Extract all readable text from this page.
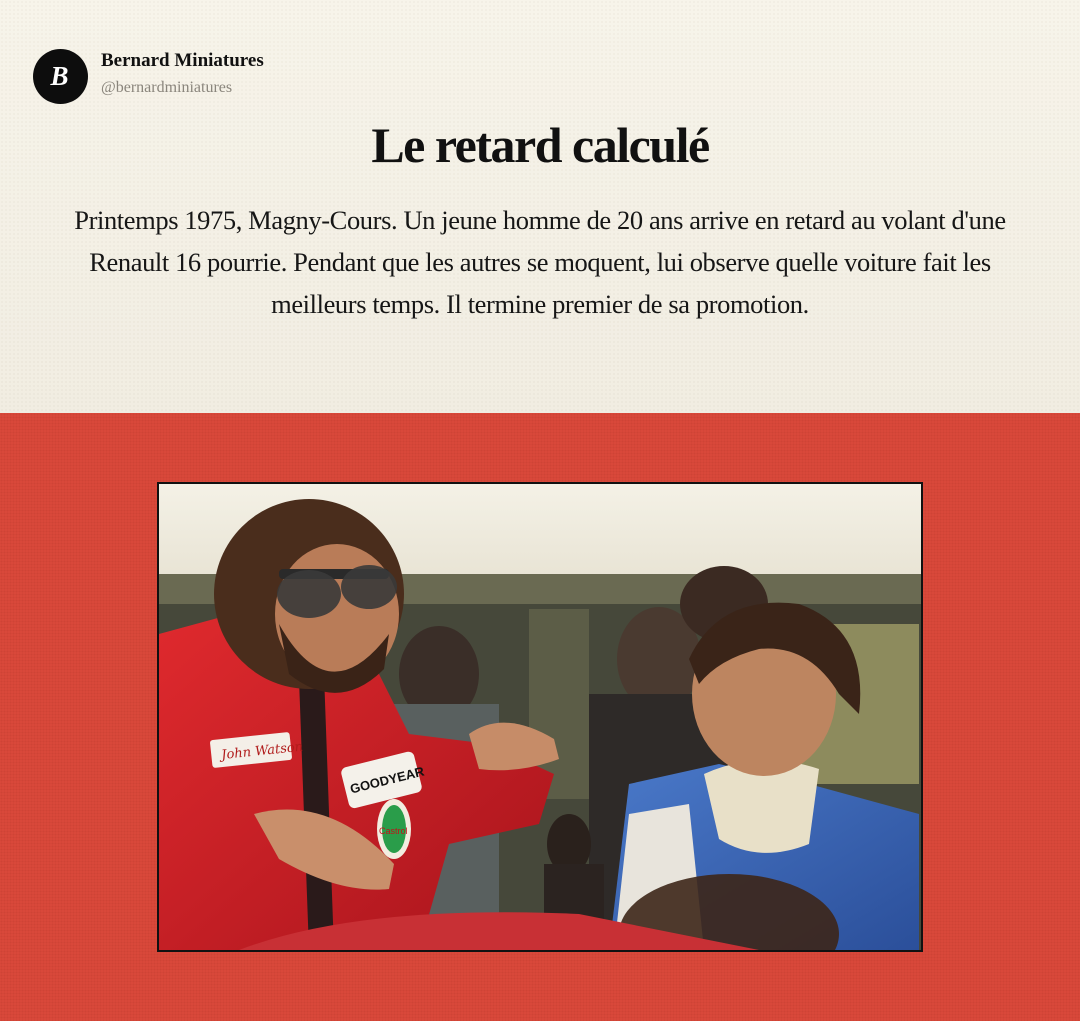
B
Bernard Miniatures
@bernardminiatures
Le retard calculé
Printemps 1975, Magny-Cours. Un jeune homme de 20 ans arrive en retard au volant d'une Renault 16 pourrie. Pendant que les autres se moquent, lui observe quelle voiture fait les meilleurs temps. Il termine premier de sa promotion.
John Watson
GOODYEAR
Castrol
